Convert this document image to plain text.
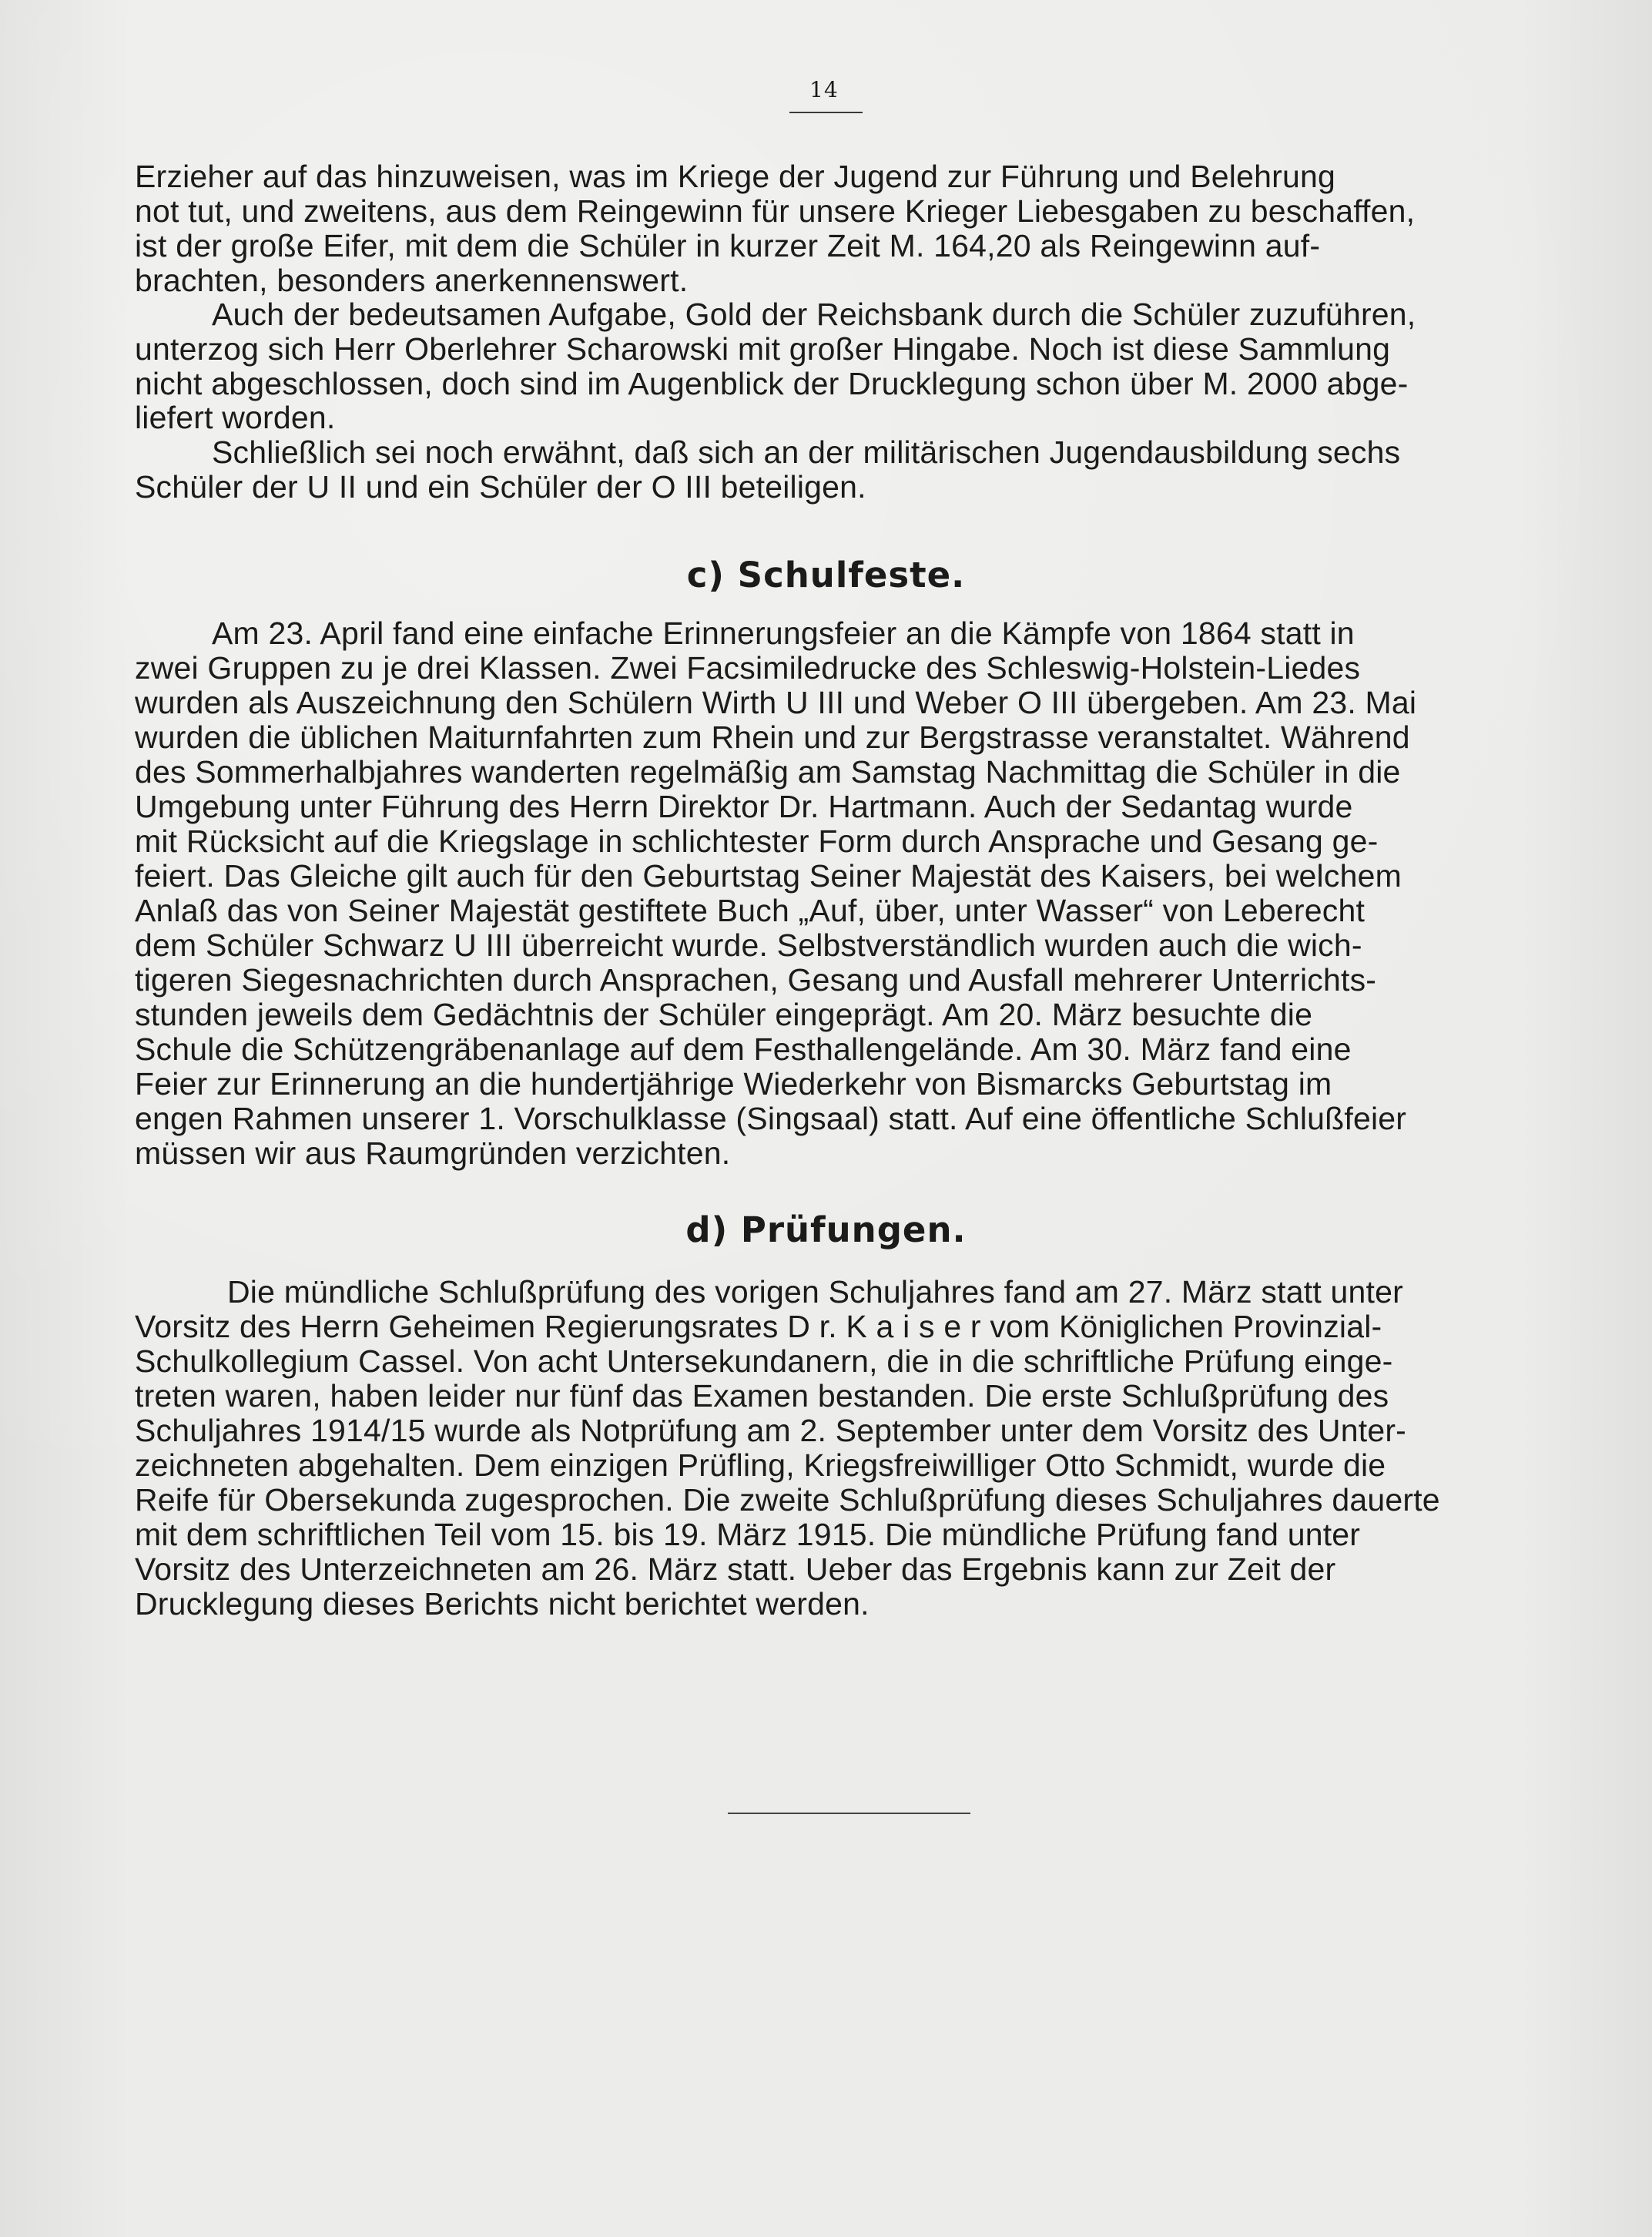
14
Erzieher auf das hinzuweisen, was im Kriege der Jugend zur Führung und Belehrung
not tut, und zweitens, aus dem Reingewinn für unsere Krieger Liebesgaben zu beschaffen,
ist der große Eifer, mit dem die Schüler in kurzer Zeit M. 164,20 als Reingewinn auf-
brachten, besonders anerkennenswert.
Auch der bedeutsamen Aufgabe, Gold der Reichsbank durch die Schüler zuzuführen,
unterzog sich Herr Oberlehrer Scharowski mit großer Hingabe. Noch ist diese Sammlung
nicht abgeschlossen, doch sind im Augenblick der Drucklegung schon über M. 2000 abge-
liefert worden.
Schließlich sei noch erwähnt, daß sich an der militärischen Jugendausbildung sechs
Schüler der U II und ein Schüler der O III beteiligen.
c) Schulfeste.
Am 23. April fand eine einfache Erinnerungsfeier an die Kämpfe von 1864 statt in
zwei Gruppen zu je drei Klassen. Zwei Facsimiledrucke des Schleswig-Holstein-Liedes
wurden als Auszeichnung den Schülern Wirth U III und Weber O III übergeben. Am 23. Mai
wurden die üblichen Maiturnfahrten zum Rhein und zur Bergstrasse veranstaltet. Während
des Sommerhalbjahres wanderten regelmäßig am Samstag Nachmittag die Schüler in die
Umgebung unter Führung des Herrn Direktor Dr. Hartmann. Auch der Sedantag wurde
mit Rücksicht auf die Kriegslage in schlichtester Form durch Ansprache und Gesang ge-
feiert. Das Gleiche gilt auch für den Geburtstag Seiner Majestät des Kaisers, bei welchem
Anlaß das von Seiner Majestät gestiftete Buch „Auf, über, unter Wasser“ von Leberecht
dem Schüler Schwarz U III überreicht wurde. Selbstverständlich wurden auch die wich-
tigeren Siegesnachrichten durch Ansprachen, Gesang und Ausfall mehrerer Unterrichts-
stunden jeweils dem Gedächtnis der Schüler eingeprägt. Am 20. März besuchte die
Schule die Schützengräbenanlage auf dem Festhallengelände. Am 30. März fand eine
Feier zur Erinnerung an die hundertjährige Wiederkehr von Bismarcks Geburtstag im
engen Rahmen unserer 1. Vorschulklasse (Singsaal) statt. Auf eine öffentliche Schlußfeier
müssen wir aus Raumgründen verzichten.
d) Prüfungen.
Die mündliche Schlußprüfung des vorigen Schuljahres fand am 27. März statt unter
Vorsitz des Herrn Geheimen Regierungsrates D r. K a i s e r vom Königlichen Provinzial-
Schulkollegium Cassel. Von acht Untersekundanern, die in die schriftliche Prüfung einge-
treten waren, haben leider nur fünf das Examen bestanden. Die erste Schlußprüfung des
Schuljahres 1914/15 wurde als Notprüfung am 2. September unter dem Vorsitz des Unter-
zeichneten abgehalten. Dem einzigen Prüfling, Kriegsfreiwilliger Otto Schmidt, wurde die
Reife für Obersekunda zugesprochen. Die zweite Schlußprüfung dieses Schuljahres dauerte
mit dem schriftlichen Teil vom 15. bis 19. März 1915. Die mündliche Prüfung fand unter
Vorsitz des Unterzeichneten am 26. März statt. Ueber das Ergebnis kann zur Zeit der
Drucklegung dieses Berichts nicht berichtet werden.
